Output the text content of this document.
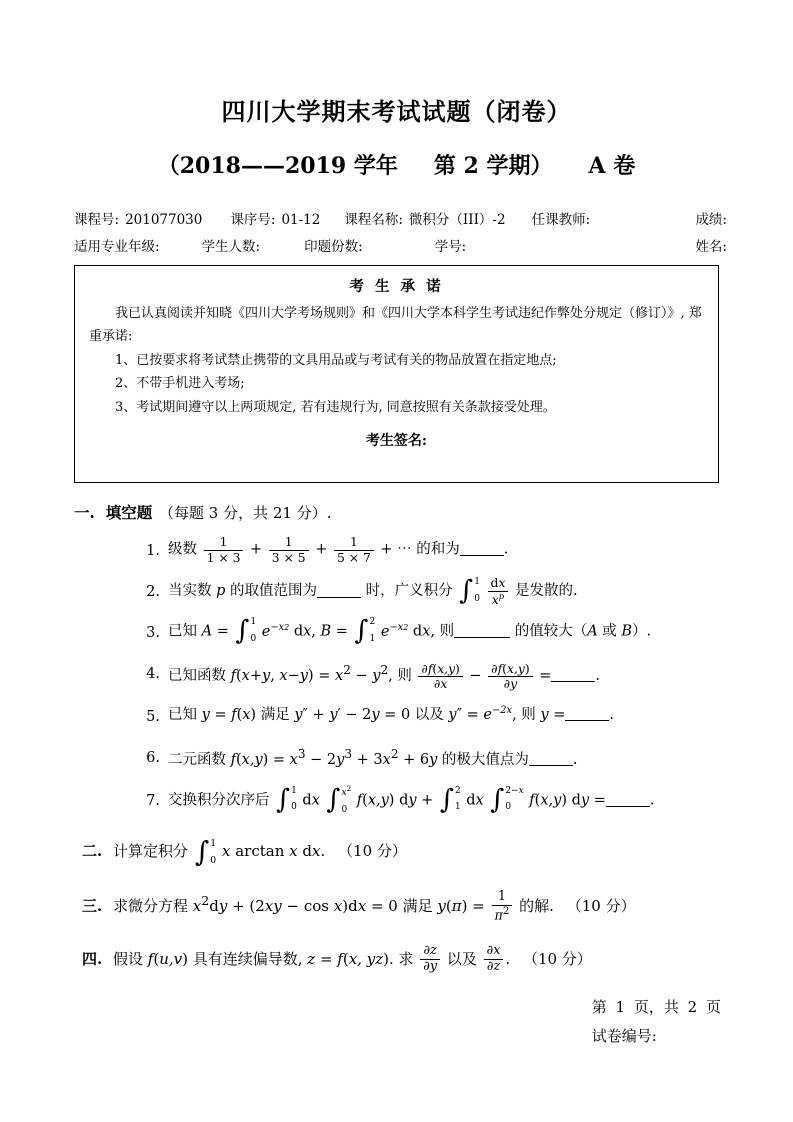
四川大学期末考试试题（闭卷）
（2018——2019 学年 第 2 学期） A 卷
课程号: 201077030 课序号: 01-12 课程名称: 微积分（III）-2 任课教师:	成绩:
适用专业年级:	学生人数:	印题份数:	学号:	姓名:
考 生 承 诺
我已认真阅读并知晓《四川大学考场规则》和《四川大学本科学生考试违纪作弊处分规定（修订）》, 郑重承诺:
1、已按要求将考试禁止携带的文具用品或与考试有关的物品放置在指定地点;
2、不带手机进入考场;
3、考试期间遵守以上两项规定, 若有违规行为, 同意按照有关条款接受处理。
考生签名:
一. 填空题 （每题 3 分，共 21 分）.
1. 级数 $\frac{1}{1 \times 3} + \frac{1}{3 \times 5} + \frac{1}{5 \times 7}$ + ⋯ 的和为	.
2. 当实数 p 的取值范围为	时，广义积分 ∫ 1
0
$\frac{dx}{x^p}$ 是发散的.
3. 已知 A = ∫ 1
0 $e^{-x2}$ dx, B = ∫ 2
1 $e^{-x2}$ dx, 则	的值较大（A 或 B）.
4. 已知函数 f(x+y, $x-y) = x^2 - y^2$, 则 $\frac{\partial f(x,y)}{\partial x} - \frac{\partial f(x,y)}{\partial y}$ =	.
5. 已知 y = f(x) 满足 y″ + y′ − 2y = 0 以及 $y'' = e^{-2x}$, 则 y =	.
6. 二元函数 $f(x,y) = x^3 - 2y^3 + 3x^2 + 6y$ 的极大值点为	.
7. 交换积分次序后 ∫ 1
0 dx ∫ $x^2$
0
f(x,y) dy + ∫ 2
1 dx ∫ 2−x
0	f(x,y) dy =	.
二. 计算定积分 ∫ 1
0
x arctan x dx. （10 分）
三. 求微分方程 $x^2dy + (2xy - \cos x)dx = 0$ 满足 $y(\pi) = \frac{1}{\pi^2}$ 的解. （10 分）
四. 假设 f(u,v) 具有连续偏导数, z = f(x, yz). 求 $\frac{\partial z}{\partial y}$ 以及 $\frac{\partial x}{\partial z}$ . （10 分）
第 1 页，共 2 页
试卷编号:
